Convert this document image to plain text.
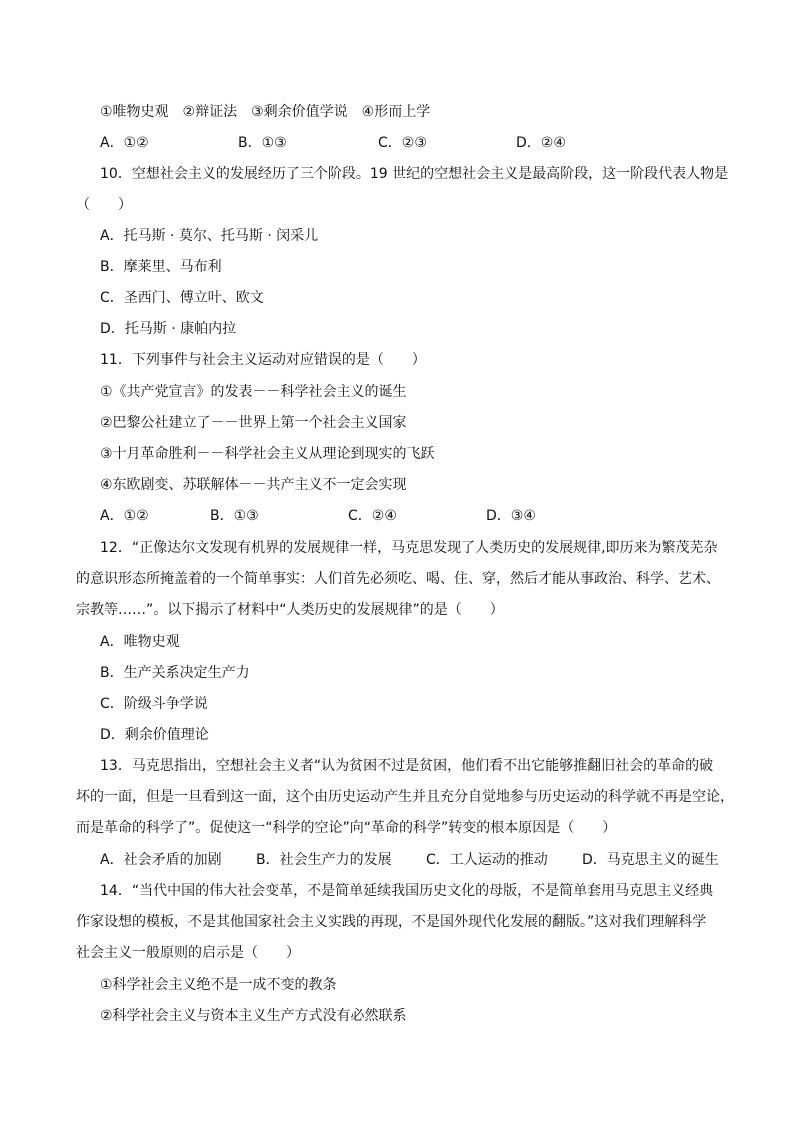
①唯物史观　②辩证法　③剩余价值学说　④形而上学
A．①②	B．①③	C．②③	D．②④
10．空想社会主义的发展经历了三个阶段。19 世纪的空想社会主义是最高阶段，这一阶段代表人物是
（　　）
A．托马斯 · 莫尔、托马斯 · 闵采儿
B．摩莱里、马布利
C．圣西门、傅立叶、欧文
D．托马斯 · 康帕内拉
11．下列事件与社会主义运动对应错误的是（　　）
①《共产党宣言》的发表－－科学社会主义的诞生
②巴黎公社建立了－－世界上第一个社会主义国家
③十月革命胜利－－科学社会主义从理论到现实的飞跃
④东欧剧变、苏联解体－－共产主义不一定会实现
A．①②	B．①③	C．②④	D．③④
12．“正像达尔文发现有机界的发展规律一样，马克思发现了人类历史的发展规律,即历来为繁茂芜杂
的意识形态所掩盖着的一个简单事实：人们首先必须吃、喝、住、穿，然后才能从事政治、科学、艺术、
宗教等……”。以下揭示了材料中“人类历史的发展规律”的是（　　）
A．唯物史观
B．生产关系决定生产力
C．阶级斗争学说
D．剩余价值理论
13．马克思指出，空想社会主义者“认为贫困不过是贫困，他们看不出它能够推翻旧社会的革命的破
坏的一面，但是一旦看到这一面，这个由历史运动产生并且充分自觉地参与历史运动的科学就不再是空论，
而是革命的科学了”。促使这一“科学的空论”向“革命的科学”转变的根本原因是（　　）
A．社会矛盾的加剧	B．社会生产力的发展	C．工人运动的推动	D．马克思主义的诞生
14．“当代中国的伟大社会变革，不是简单延续我国历史文化的母版，不是简单套用马克思主义经典
作家设想的模板，不是其他国家社会主义实践的再现，不是国外现代化发展的翻版。”这对我们理解科学
社会主义一般原则的启示是（　　）
①科学社会主义绝不是一成不变的教条
②科学社会主义与资本主义生产方式没有必然联系
